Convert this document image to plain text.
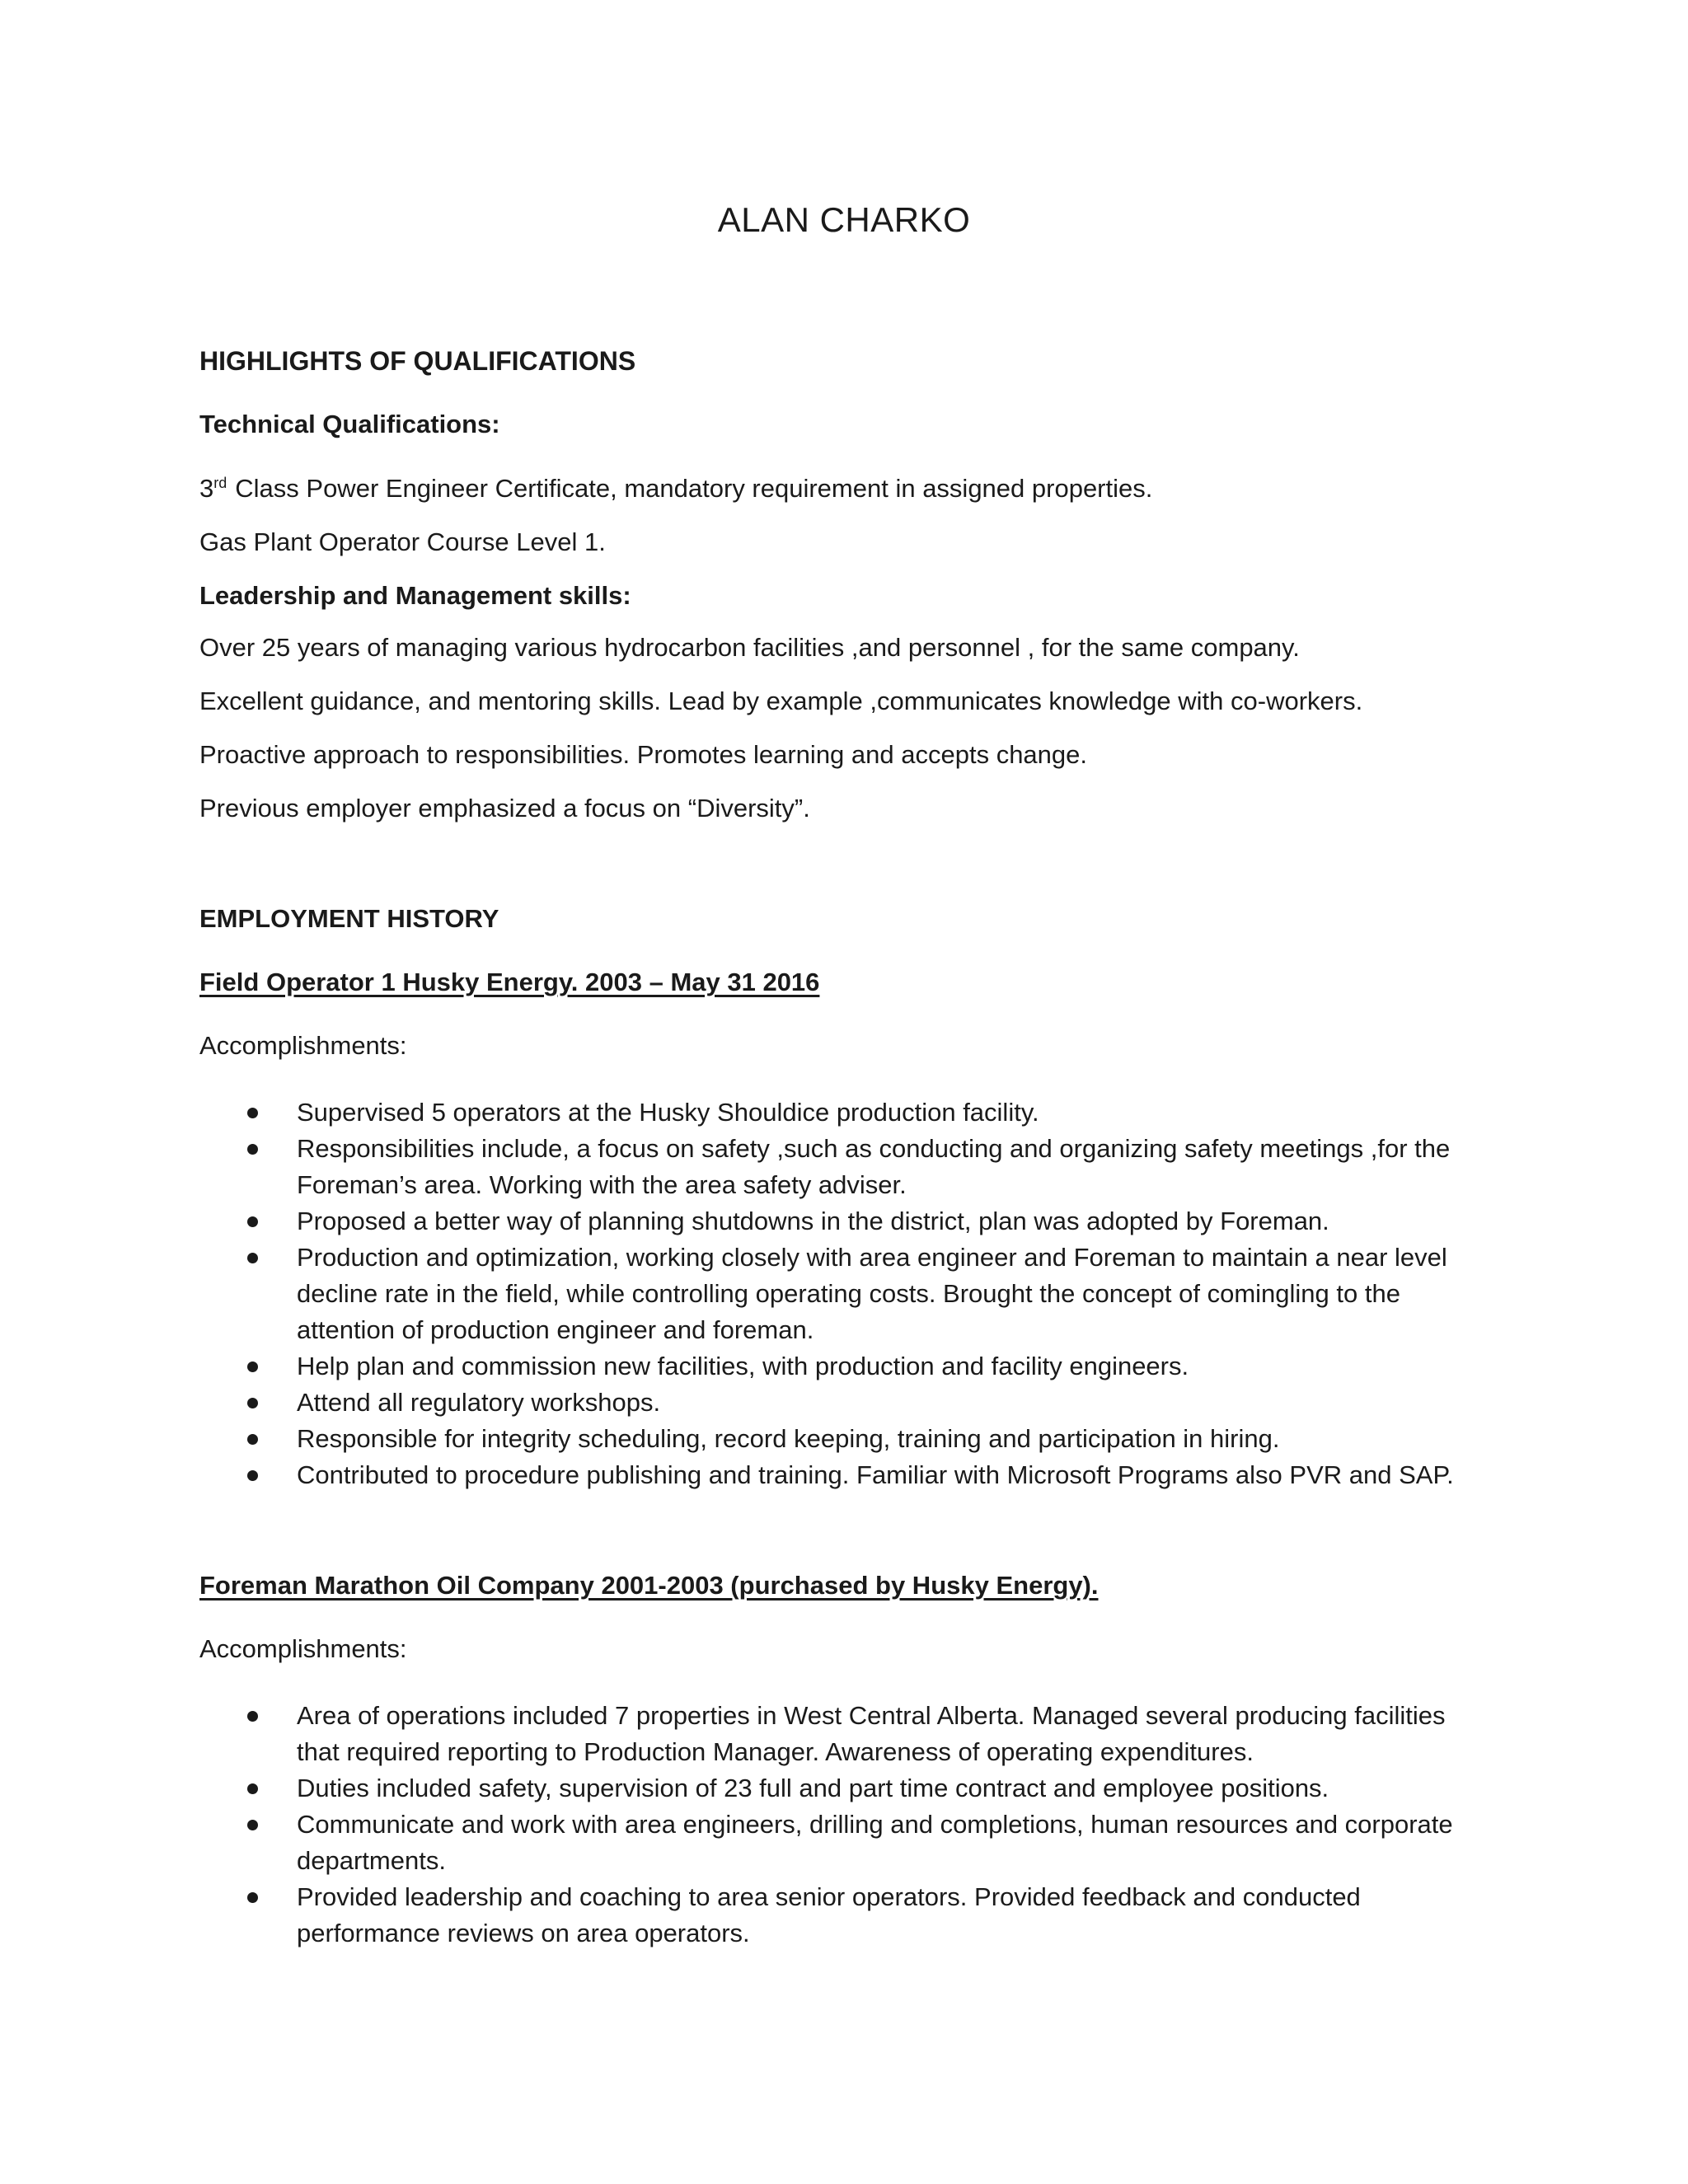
ALAN CHARKO
HIGHLIGHTS OF QUALIFICATIONS
Technical Qualifications:

3rd Class Power Engineer Certificate, mandatory requirement in assigned properties.

Gas Plant Operator Course Level 1.

Leadership and Management skills:

Over 25 years of managing various hydrocarbon facilities ,and personnel , for the same company.

Excellent guidance, and mentoring skills. Lead by example ,communicates knowledge with co-workers.

Proactive approach to responsibilities. Promotes learning and accepts change.

Previous employer emphasized a focus on “Diversity”.

EMPLOYMENT HISTORY
Field Operator 1 Husky Energy. 2003 – May 31 2016

Accomplishments:

Supervised 5 operators at the Husky Shouldice production facility.
Responsibilities include, a focus on safety ,such as conducting and organizing safety meetings ,for the Foreman’s area. Working with the area safety adviser.
Proposed a better way of planning shutdowns in the district, plan was adopted by Foreman.
Production and optimization, working closely with area engineer and Foreman to maintain a near level decline rate in the field, while controlling operating costs. Brought the concept of comingling to the attention of production engineer and foreman.
Help plan and commission new facilities, with production and facility engineers.
Attend all regulatory workshops.
Responsible for integrity scheduling, record keeping, training and participation in hiring.
Contributed to procedure publishing and training. Familiar with Microsoft Programs also PVR and SAP.
Foreman Marathon Oil Company 2001-2003 (purchased by Husky Energy).

Accomplishments:

Area of operations included 7 properties in West Central Alberta. Managed several producing facilities that required reporting to Production Manager. Awareness of operating expenditures.
Duties included safety, supervision of 23 full and part time contract and employee positions.
Communicate and work with area engineers, drilling and completions, human resources and corporate departments.
Provided leadership and coaching to area senior operators. Provided feedback and conducted performance reviews on area operators.
